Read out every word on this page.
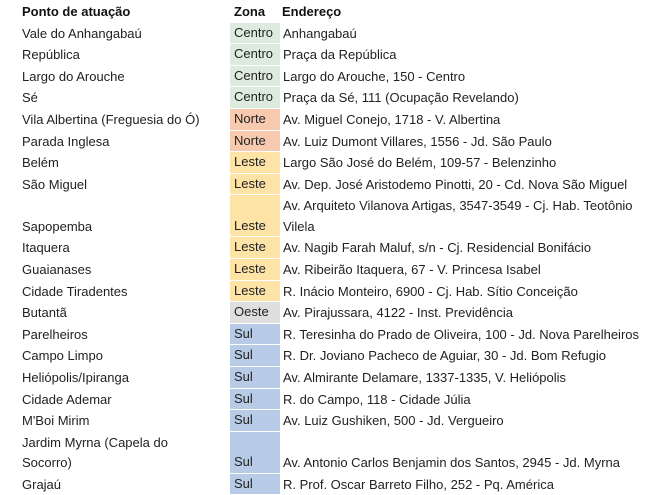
Ponto de atuação	Zona	Endereço
Vale do Anhangabaú	Centro	Anhangabaú
República	Centro	Praça da República
Largo do Arouche	Centro	Largo do Arouche, 150 - Centro
Sé	Centro	Praça da Sé, 111 (Ocupação Revelando)
Vila Albertina (Freguesia do Ó)	Norte	Av. Miguel Conejo, 1718 - V. Albertina
Parada Inglesa	Norte	Av. Luiz Dumont Villares, 1556 - Jd. São Paulo
Belém	Leste	Largo São José do Belém, 109-57 - Belenzinho
São Miguel	Leste	Av. Dep. José Aristodemo Pinotti, 20 - Cd. Nova São Miguel
Sapopemba	Leste	Av. Arquiteto Vilanova Artigas, 3547-3549 - Cj. Hab. Teotônio
Vilela

Itaquera	Leste	Av. Nagib Farah Maluf, s/n - Cj. Residencial Bonifácio
Guaianases	Leste	Av. Ribeirão Itaquera, 67 - V. Princesa Isabel
Cidade Tiradentes	Leste	R. Inácio Monteiro, 6900 - Cj. Hab. Sítio Conceição
Butantã	Oeste	Av. Pirajussara, 4122 - Inst. Previdência
Parelheiros	Sul	R. Teresinha do Prado de Oliveira, 100 - Jd. Nova Parelheiros
Campo Limpo	Sul	R. Dr. Joviano Pacheco de Aguiar, 30 - Jd. Bom Refugio
Heliópolis/Ipiranga	Sul	Av. Almirante Delamare, 1337-1335, V. Heliópolis
Cidade Ademar	Sul	R. do Campo, 118 - Cidade Júlia
M'Boi Mirim	Sul	Av. Luiz Gushiken, 500 - Jd. Vergueiro

Jardim Myrna (Capela do
Socorro)	Sul	Av. Antonio Carlos Benjamin dos Santos, 2945 - Jd. Myrna
Grajaú	Sul	R. Prof. Oscar Barreto Filho, 252 - Pq. América
